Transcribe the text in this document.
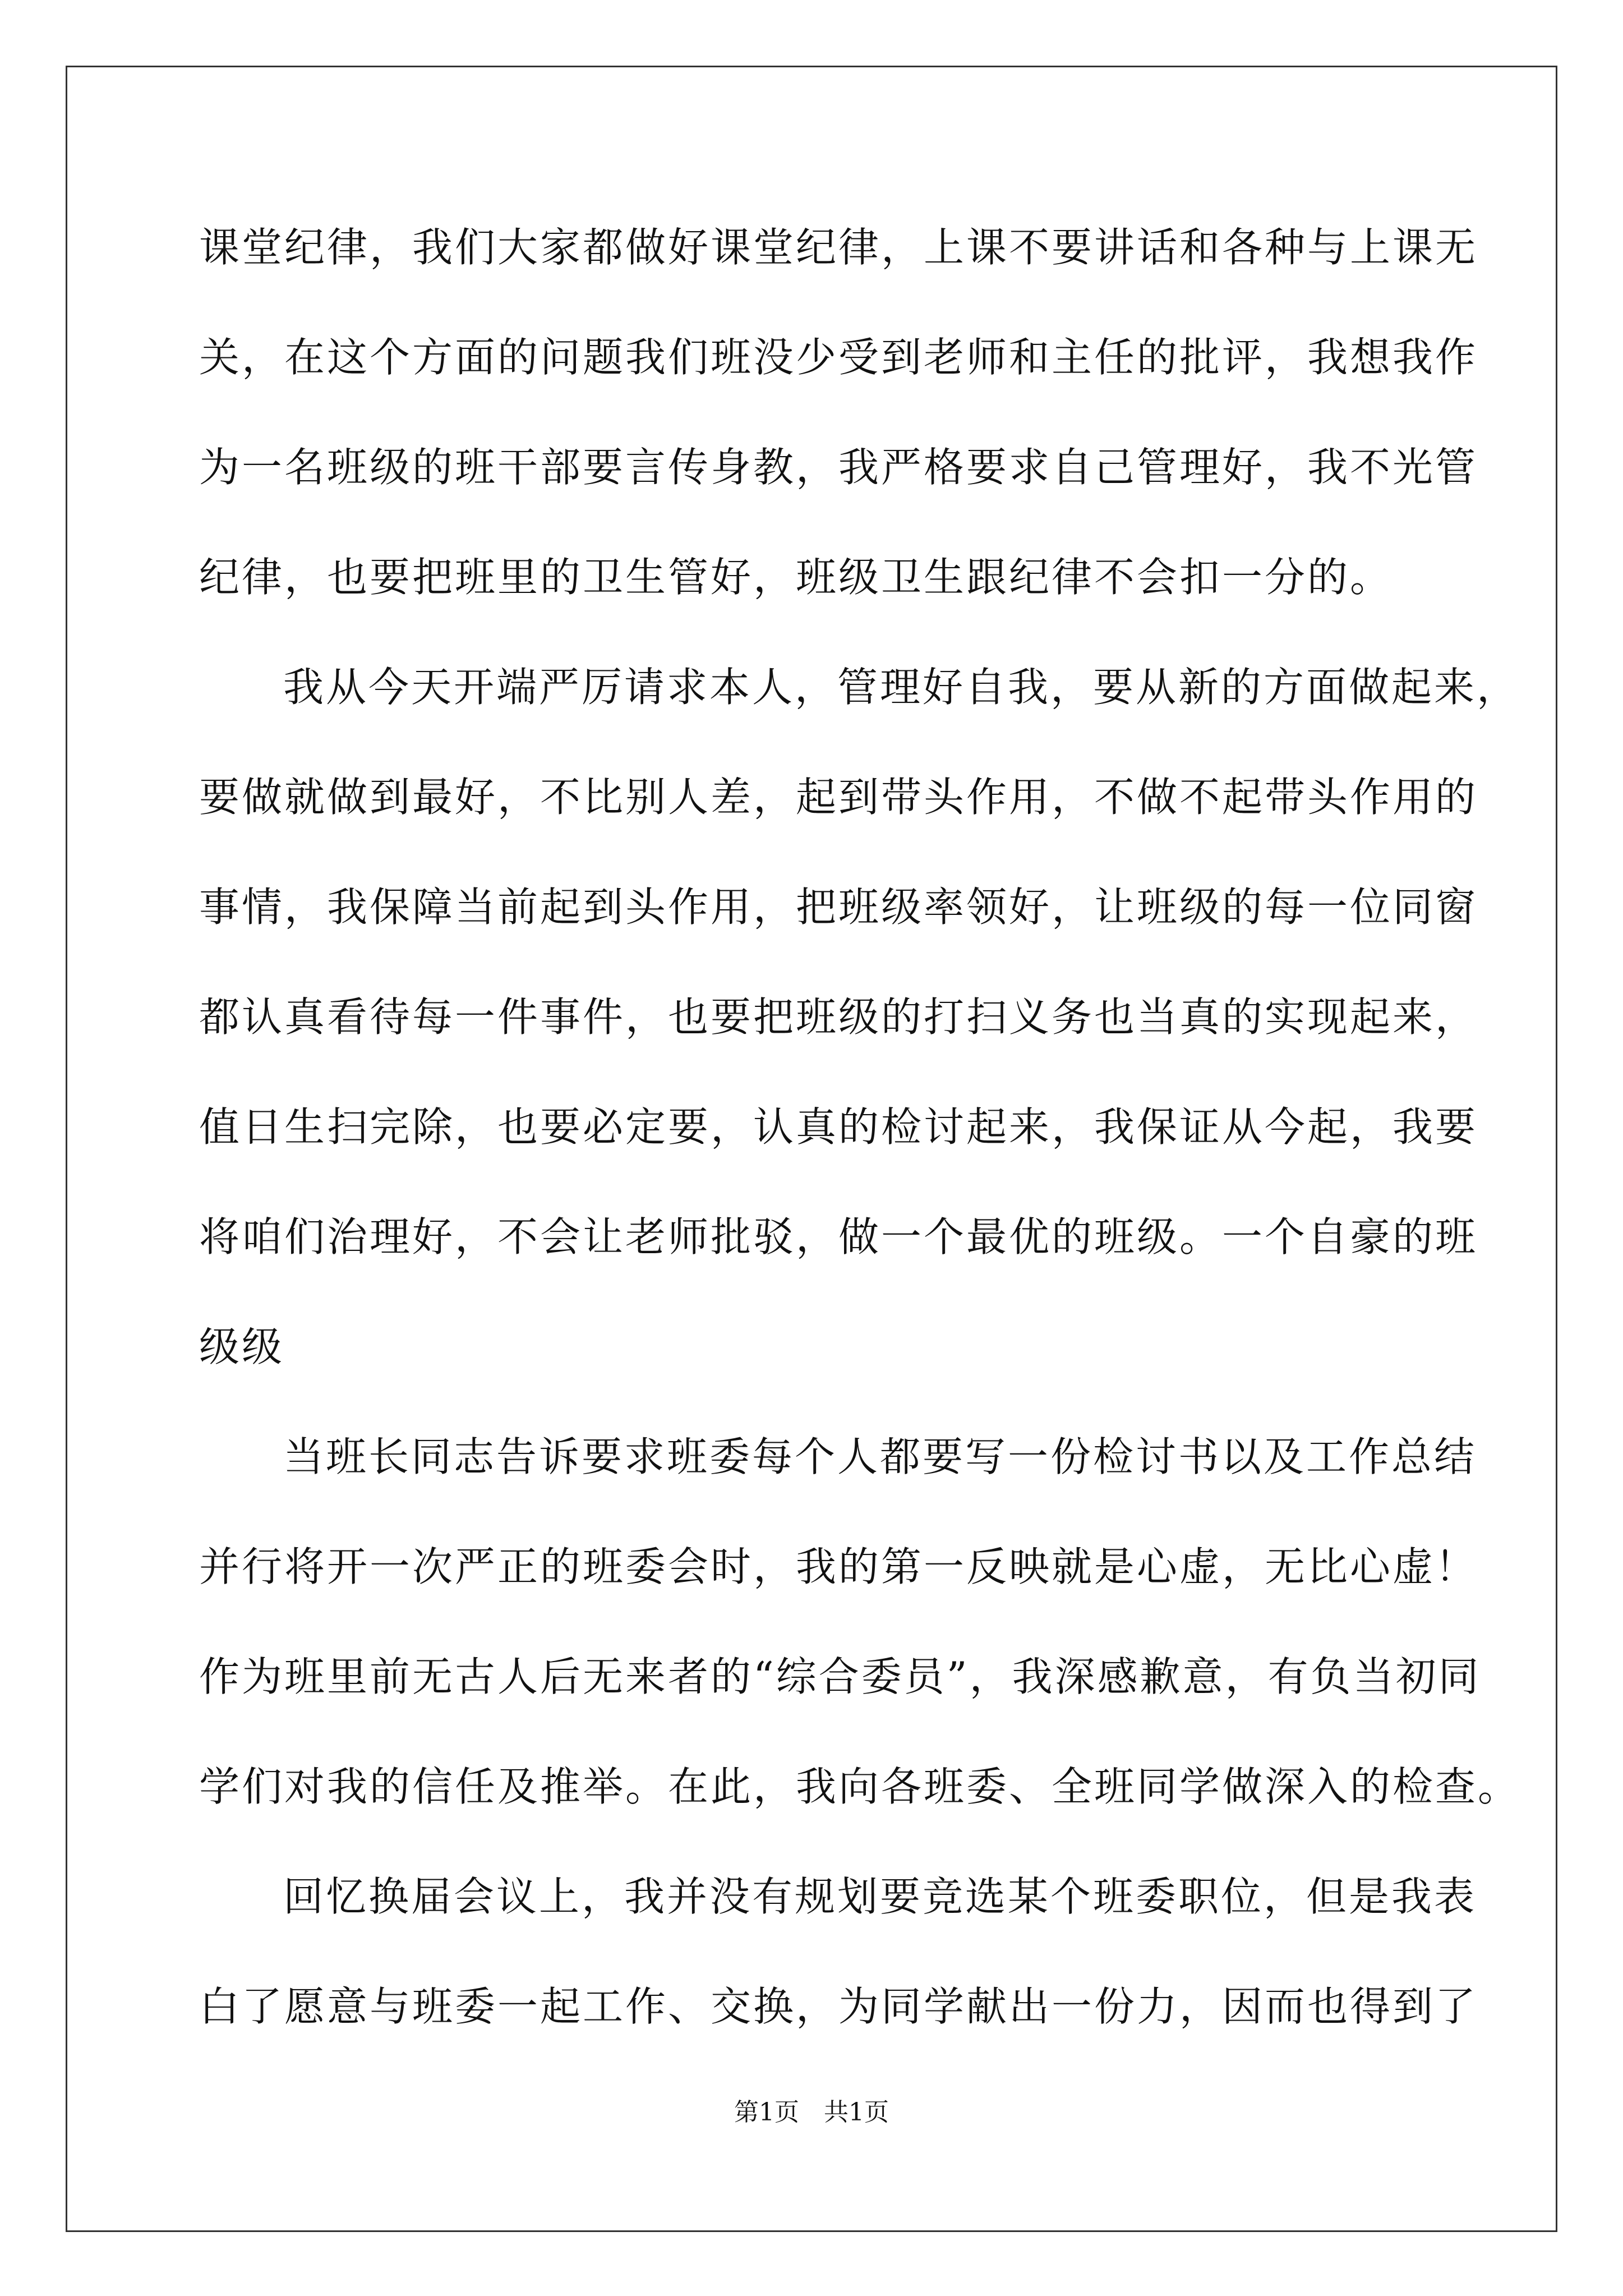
课堂纪律，我们大家都做好课堂纪律，上课不要讲话和各种与上课无
关，在这个方面的问题我们班没少受到老师和主任的批评，我想我作
为一名班级的班干部要言传身教，我严格要求自己管理好，我不光管
纪律，也要把班里的卫生管好，班级卫生跟纪律不会扣一分的。
我从今天开端严厉请求本人，管理好自我，要从新的方面做起来，
要做就做到最好，不比别人差，起到带头作用，不做不起带头作用的
事情，我保障当前起到头作用，把班级率领好，让班级的每一位同窗
都认真看待每一件事件，也要把班级的打扫义务也当真的实现起来，
值日生扫完除，也要必定要，认真的检讨起来，我保证从今起，我要
将咱们治理好，不会让老师批驳，做一个最优的班级。一个自豪的班
级级
当班长同志告诉要求班委每个人都要写一份检讨书以及工作总结
并行将开一次严正的班委会时，我的第一反映就是心虚，无比心虚！
作为班里前无古人后无来者的“综合委员”，我深感歉意，有负当初同
学们对我的信任及推举。在此，我向各班委、全班同学做深入的检查。
回忆换届会议上，我并没有规划要竞选某个班委职位，但是我表
白了愿意与班委一起工作、交换，为同学献出一份力，因而也得到了
第1页　共1页
